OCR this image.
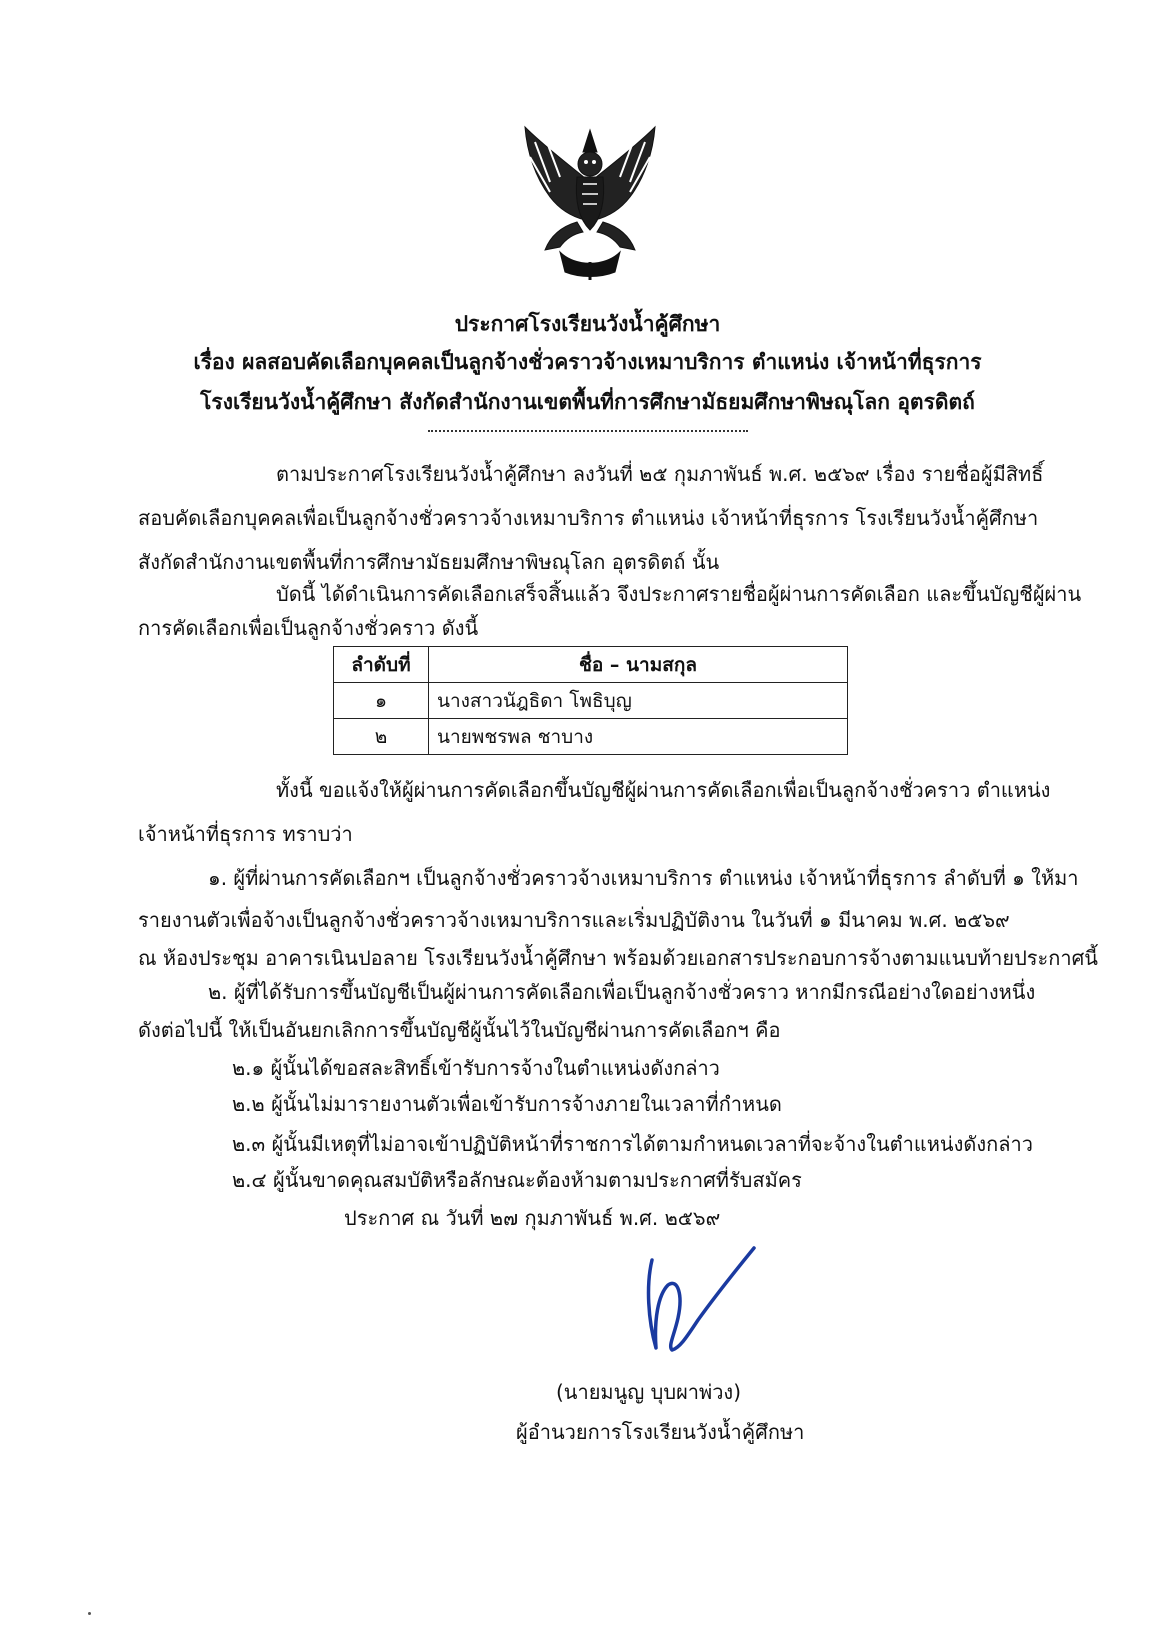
ประกาศโรงเรียนวังน้ำคู้ศึกษา
เรื่อง ผลสอบคัดเลือกบุคคลเป็นลูกจ้างชั่วคราวจ้างเหมาบริการ ตำแหน่ง เจ้าหน้าที่ธุรการ
โรงเรียนวังน้ำคู้ศึกษา สังกัดสำนักงานเขตพื้นที่การศึกษามัธยมศึกษาพิษณุโลก อุตรดิตถ์
ตามประกาศโรงเรียนวังน้ำคู้ศึกษา ลงวันที่ ๒๕ กุมภาพันธ์ พ.ศ. ๒๕๖๙ เรื่อง รายชื่อผู้มีสิทธิ์
สอบคัดเลือกบุคคลเพื่อเป็นลูกจ้างชั่วคราวจ้างเหมาบริการ ตำแหน่ง เจ้าหน้าที่ธุรการ โรงเรียนวังน้ำคู้ศึกษา
สังกัดสำนักงานเขตพื้นที่การศึกษามัธยมศึกษาพิษณุโลก อุตรดิตถ์ นั้น
บัดนี้ ได้ดำเนินการคัดเลือกเสร็จสิ้นแล้ว จึงประกาศรายชื่อผู้ผ่านการคัดเลือก และขึ้นบัญชีผู้ผ่าน
การคัดเลือกเพื่อเป็นลูกจ้างชั่วคราว ดังนี้
ลำดับที่	ชื่อ – นามสกุล
๑	นางสาวนัฎธิดา โพธิบุญ
๒	นายพชรพล ชาบาง
ทั้งนี้ ขอแจ้งให้ผู้ผ่านการคัดเลือกขึ้นบัญชีผู้ผ่านการคัดเลือกเพื่อเป็นลูกจ้างชั่วคราว ตำแหน่ง
เจ้าหน้าที่ธุรการ ทราบว่า
๑. ผู้ที่ผ่านการคัดเลือกฯ เป็นลูกจ้างชั่วคราวจ้างเหมาบริการ ตำแหน่ง เจ้าหน้าที่ธุรการ ลำดับที่ ๑ ให้มา
รายงานตัวเพื่อจ้างเป็นลูกจ้างชั่วคราวจ้างเหมาบริการและเริ่มปฏิบัติงาน ในวันที่ ๑ มีนาคม พ.ศ. ๒๕๖๙
ณ ห้องประชุม อาคารเนินปอลาย โรงเรียนวังน้ำคู้ศึกษา พร้อมด้วยเอกสารประกอบการจ้างตามแนบท้ายประกาศนี้
๒. ผู้ที่ได้รับการขึ้นบัญชีเป็นผู้ผ่านการคัดเลือกเพื่อเป็นลูกจ้างชั่วคราว หากมีกรณีอย่างใดอย่างหนึ่ง
ดังต่อไปนี้ ให้เป็นอันยกเลิกการขึ้นบัญชีผู้นั้นไว้ในบัญชีผ่านการคัดเลือกฯ คือ
๒.๑ ผู้นั้นได้ขอสละสิทธิ์เข้ารับการจ้างในตำแหน่งดังกล่าว
๒.๒ ผู้นั้นไม่มารายงานตัวเพื่อเข้ารับการจ้างภายในเวลาที่กำหนด
๒.๓ ผู้นั้นมีเหตุที่ไม่อาจเข้าปฏิบัติหน้าที่ราชการได้ตามกำหนดเวลาที่จะจ้างในตำแหน่งดังกล่าว
๒.๔ ผู้นั้นขาดคุณสมบัติหรือลักษณะต้องห้ามตามประกาศที่รับสมัคร
ประกาศ ณ วันที่ ๒๗ กุมภาพันธ์ พ.ศ. ๒๕๖๙
(นายมนูญ บุบผาพ่วง)
ผู้อำนวยการโรงเรียนวังน้ำคู้ศึกษา
